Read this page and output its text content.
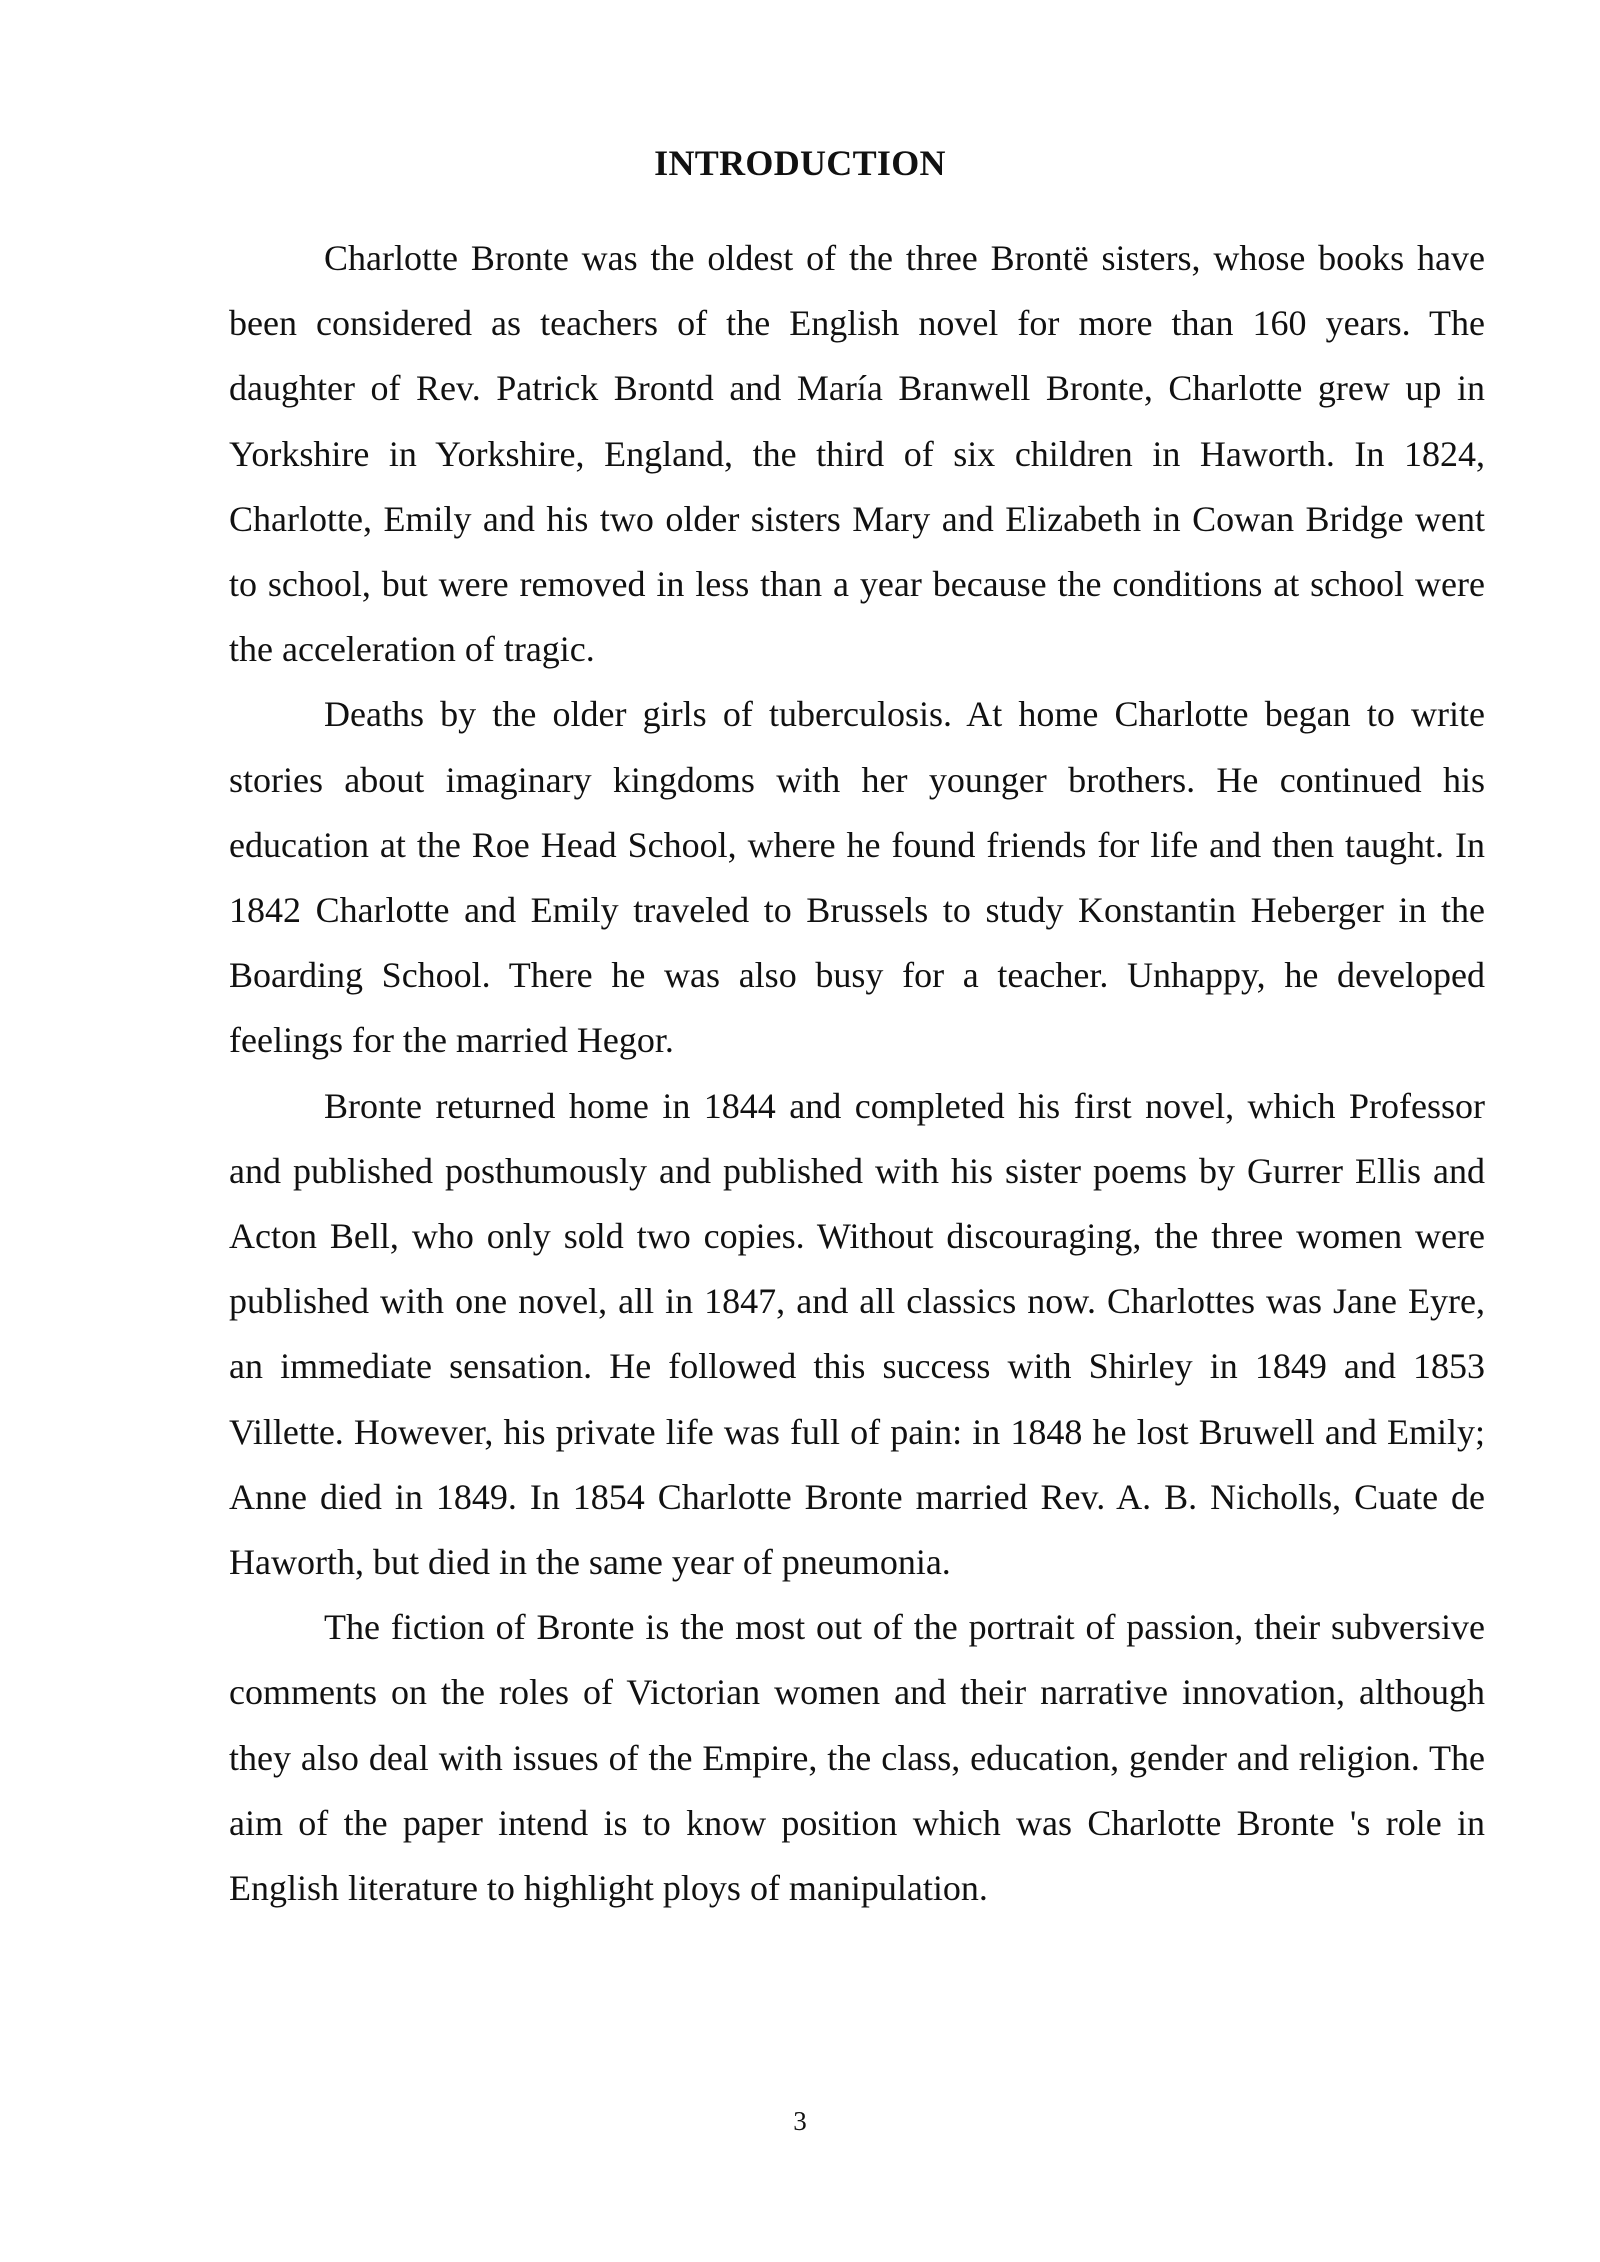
INTRODUCTION

Charlotte Bronte was the oldest of the three Brontë sisters, whose books have been considered as teachers of the English novel for more than 160 years. The daughter of Rev. Patrick Brontd and María Branwell Bronte, Charlotte grew up in Yorkshire in Yorkshire, England, the third of six children in Haworth. In 1824, Charlotte, Emily and his two older sisters Mary and Elizabeth in Cowan Bridge went to school, but were removed in less than a year because the conditions at school were the acceleration of tragic.

Deaths by the older girls of tuberculosis. At home Charlotte began to write stories about imaginary kingdoms with her younger brothers. He continued his education at the Roe Head School, where he found friends for life and then taught. In 1842 Charlotte and Emily traveled to Brussels to study Konstantin Heberger in the Boarding School. There he was also busy for a teacher. Unhappy, he developed feelings for the married Hegor.

Bronte returned home in 1844 and completed his first novel, which Professor and published posthumously and published with his sister poems by Gurrer Ellis and Acton Bell, who only sold two copies. Without discouraging, the three women were published with one novel, all in 1847, and all classics now. Charlottes was Jane Eyre, an immediate sensation. He followed this success with Shirley in 1849 and 1853 Villette. However, his private life was full of pain: in 1848 he lost Bruwell and Emily; Anne died in 1849. In 1854 Charlotte Bronte married Rev. A. B. Nicholls, Cuate de Haworth, but died in the same year of pneumonia.

The fiction of Bronte is the most out of the portrait of passion, their subversive comments on the roles of Victorian women and their narrative innovation, although they also deal with issues of the Empire, the class, education, gender and religion. The aim of the paper intend is to know position which was Charlotte Bronte 's role in English literature to highlight ploys of manipulation.

3
